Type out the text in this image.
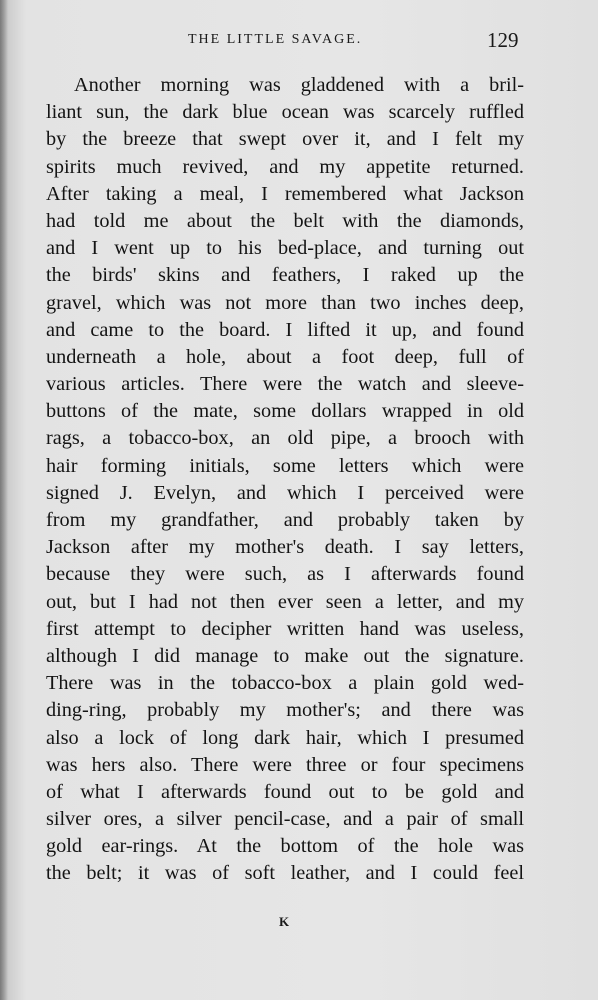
THE LITTLE SAVAGE.	129
Another morning was gladdened with a bril-
liant sun, the dark blue ocean was scarcely ruffled
by the breeze that swept over it, and I felt my
spirits much revived, and my appetite returned.
After taking a meal, I remembered what Jackson
had told me about the belt with the diamonds,
and I went up to his bed-place, and turning out
the birds' skins and feathers, I raked up the
gravel, which was not more than two inches deep,
and came to the board. I lifted it up, and found
underneath a hole, about a foot deep, full of
various articles. There were the watch and sleeve-
buttons of the mate, some dollars wrapped in old
rags, a tobacco-box, an old pipe, a brooch with
hair forming initials, some letters which were
signed J. Evelyn, and which I perceived were
from my grandfather, and probably taken by
Jackson after my mother's death. I say letters,
because they were such, as I afterwards found
out, but I had not then ever seen a letter, and my
first attempt to decipher written hand was useless,
although I did manage to make out the signature.
There was in the tobacco-box a plain gold wed-
ding-ring, probably my mother's; and there was
also a lock of long dark hair, which I presumed
was hers also. There were three or four specimens
of what I afterwards found out to be gold and
silver ores, a silver pencil-case, and a pair of small
gold ear-rings. At the bottom of the hole was
the belt; it was of soft leather, and I could feel
K
